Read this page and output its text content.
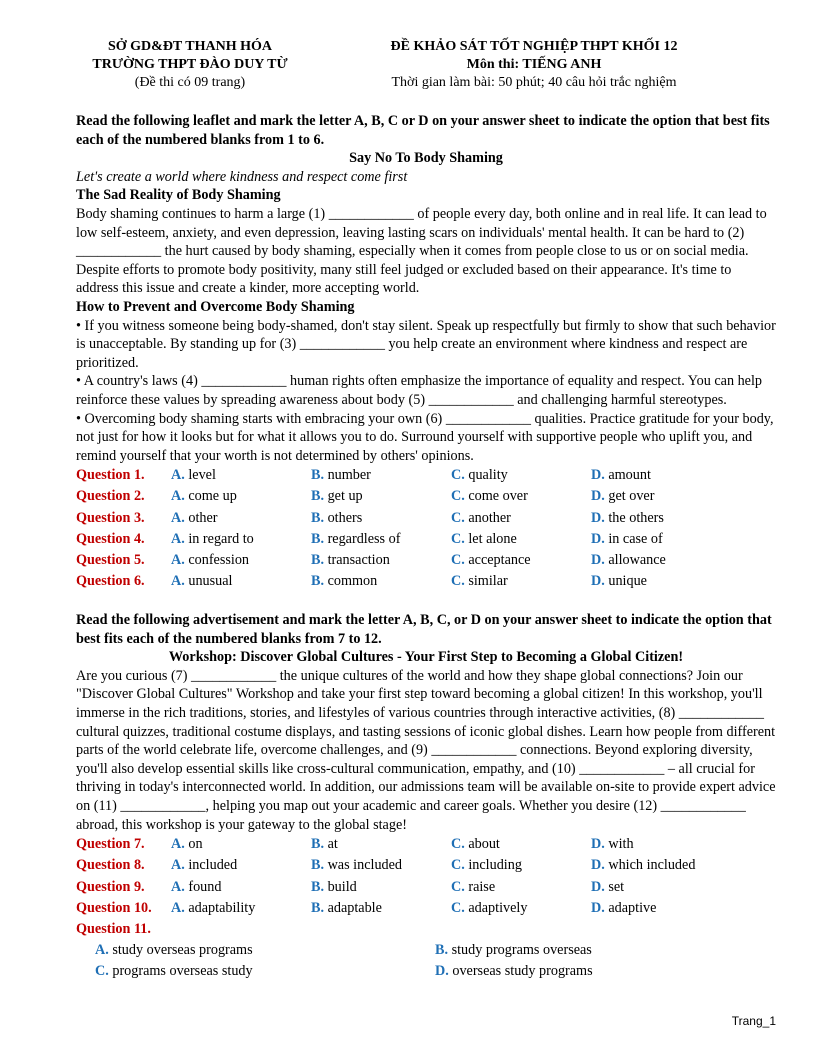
SỞ GD&ĐT THANH HÓA
TRƯỜNG THPT ĐÀO DUY TỪ
(Đề thi có 09 trang)
ĐỀ KHẢO SÁT TỐT NGHIỆP THPT KHỐI 12
Môn thi: TIẾNG ANH
Thời gian làm bài: 50 phút; 40 câu hỏi trắc nghiệm

Read the following leaflet and mark the letter A, B, C or D on your answer sheet to indicate the option that best fits each of the numbered blanks from 1 to 6.

Say No To Body Shaming

Let's create a world where kindness and respect come first

The Sad Reality of Body Shaming

Body shaming continues to harm a large (1) ____________ of people every day, both online and in real life. It can lead to low self-esteem, anxiety, and even depression, leaving lasting scars on individuals' mental health. It can be hard to (2) ____________ the hurt caused by body shaming, especially when it comes from people close to us or on social media. Despite efforts to promote body positivity, many still feel judged or excluded based on their appearance. It's time to address this issue and create a kinder, more accepting world.

How to Prevent and Overcome Body Shaming

• If you witness someone being body-shamed, don't stay silent. Speak up respectfully but firmly to show that such behavior is unacceptable. By standing up for (3) ____________ you help create an environment where kindness and respect are prioritized.

• A country's laws (4) ____________ human rights often emphasize the importance of equality and respect. You can help reinforce these values by spreading awareness about body (5) ____________ and challenging harmful stereotypes.

• Overcoming body shaming starts with embracing your own (6) ____________ qualities. Practice gratitude for your body, not just for how it looks but for what it allows you to do. Surround yourself with supportive people who uplift you, and remind yourself that your worth is not determined by others' opinions.

Question 1.	A. level	B. number	C. quality	D. amount
Question 2.	A. come up	B. get up	C. come over	D. get over
Question 3.	A. other	B. others	C. another	D. the others
Question 4.	A. in regard to	B. regardless of	C. let alone	D. in case of
Question 5.	A. confession	B. transaction	C. acceptance	D. allowance
Question 6.	A. unusual	B. common	C. similar	D. unique

Read the following advertisement and mark the letter A, B, C, or D on your answer sheet to indicate the option that best fits each of the numbered blanks from 7 to 12.

Workshop: Discover Global Cultures - Your First Step to Becoming a Global Citizen!

Are you curious (7) ____________ the unique cultures of the world and how they shape global connections? Join our "Discover Global Cultures" Workshop and take your first step toward becoming a global citizen! In this workshop, you'll immerse in the rich traditions, stories, and lifestyles of various countries through interactive activities, (8) ____________ cultural quizzes, traditional costume displays, and tasting sessions of iconic global dishes. Learn how people from different parts of the world celebrate life, overcome challenges, and (9) ____________ connections. Beyond exploring diversity, you'll also develop essential skills like cross-cultural communication, empathy, and (10) ____________ – all crucial for thriving in today's interconnected world. In addition, our admissions team will be available on-site to provide expert advice on (11) ____________, helping you map out your academic and career goals. Whether you desire (12) ____________ abroad, this workshop is your gateway to the global stage!

Question 7.	A. on	B. at	C. about	D. with
Question 8.	A. included	B. was included	C. including	D. which included
Question 9.	A. found	B. build	C. raise	D. set
Question 10.	A. adaptability	B. adaptable	C. adaptively	D. adaptive
Question 11.
A. study overseas programs	B. study programs overseas
C. programs overseas study	D. overseas study programs
Trang_1
